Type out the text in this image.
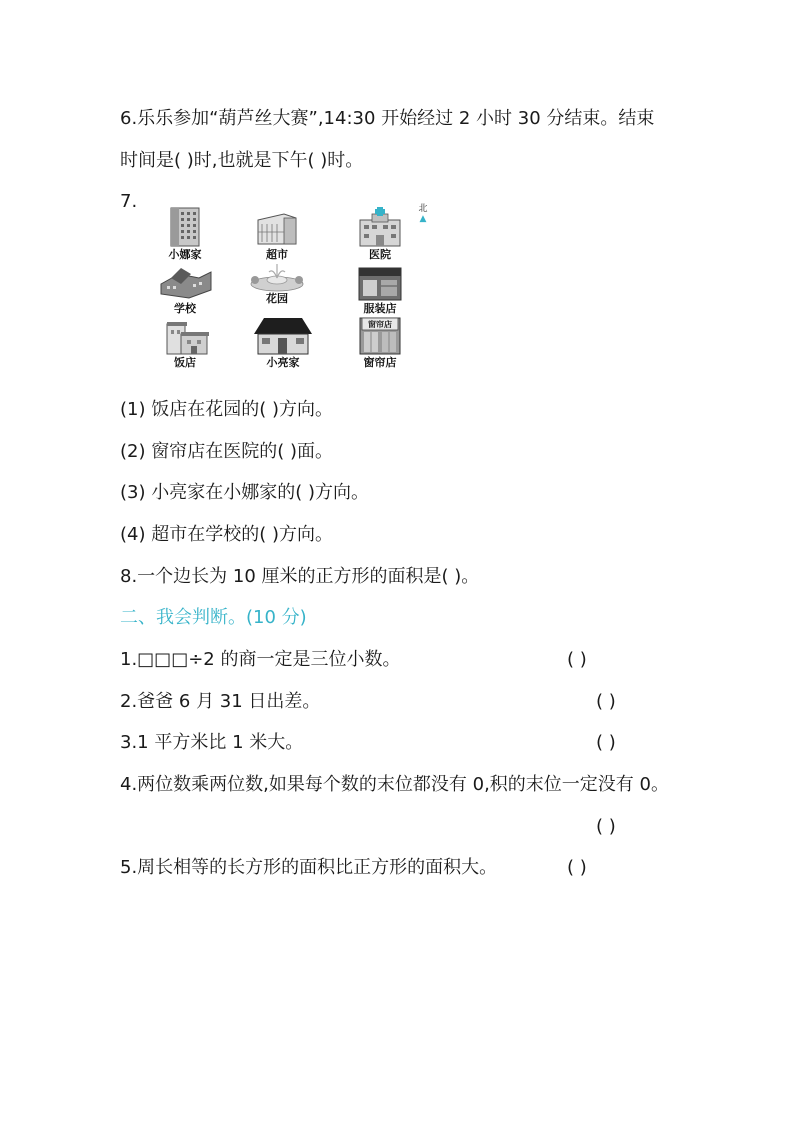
6.乐乐参加“葫芦丝大赛”,14:30 开始经过 2 小时 30 分结束。结束
时间是( )时,也就是下午( )时。
7.	北
▲
小娜家	超市	医院
学校
花园
服装店
饭店	小亮家
窗帘店
窗帘店
(1) 饭店在花园的( )方向。
(2) 窗帘店在医院的( )面。
(3) 小亮家在小娜家的( )方向。
(4) 超市在学校的( )方向。
8.一个边长为 10 厘米的正方形的面积是( )。
二、我会判断。(10 分)
1.□□□÷2 的商一定是三位小数。	( )
2.爸爸 6 月 31 日出差。	( )
3.1 平方米比 1 米大。	( )
4.两位数乘两位数,如果每个数的末位都没有 0,积的末位一定没有 0。
( )
5.周长相等的长方形的面积比正方形的面积大。	( )
